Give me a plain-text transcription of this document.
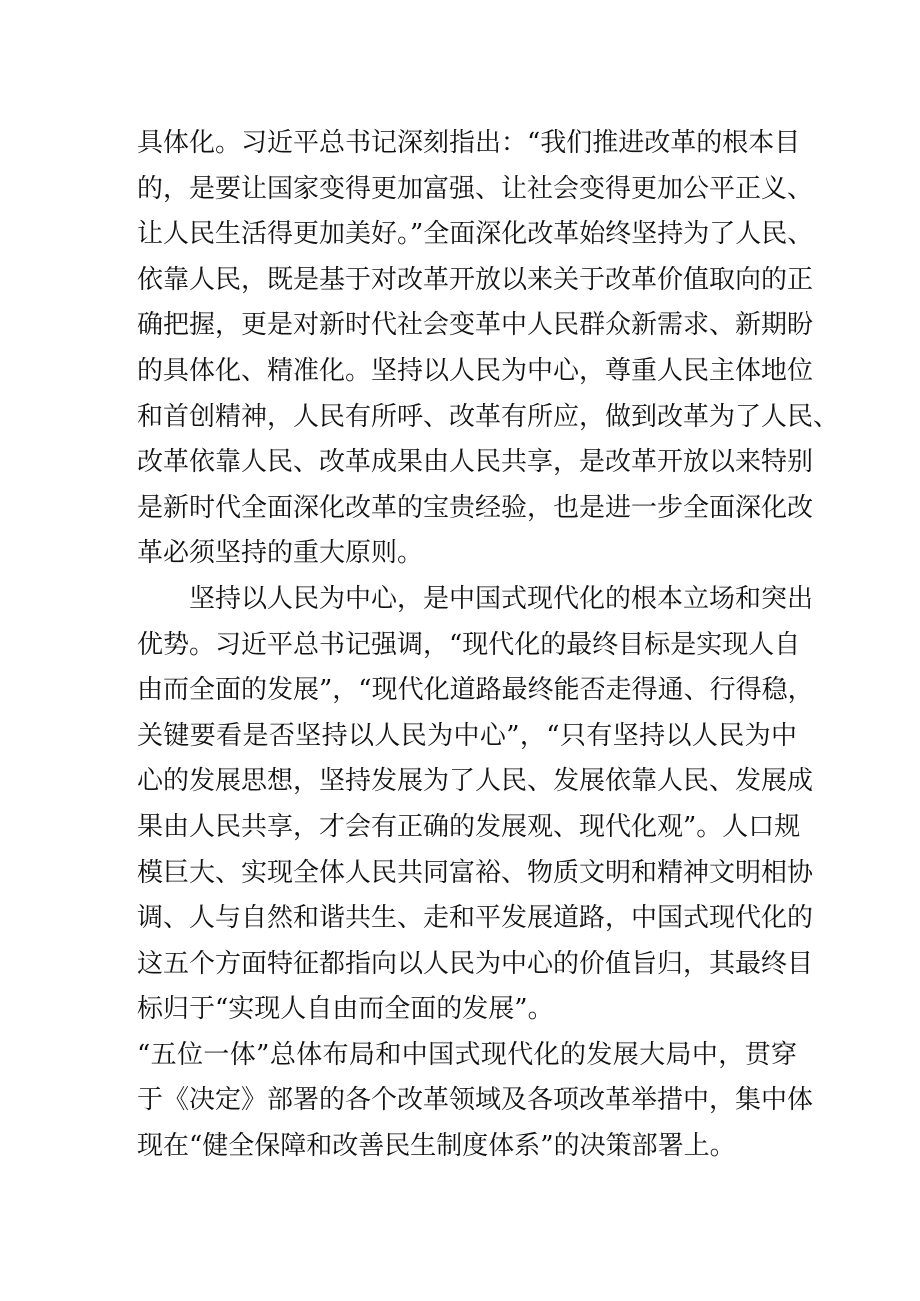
具体化。习近平总书记深刻指出：“我们推进改革的根本目
的，是要让国家变得更加富强、让社会变得更加公平正义、
让人民生活得更加美好。”全面深化改革始终坚持为了人民、
依靠人民，既是基于对改革开放以来关于改革价值取向的正
确把握，更是对新时代社会变革中人民群众新需求、新期盼
的具体化、精准化。坚持以人民为中心，尊重人民主体地位
和首创精神，人民有所呼、改革有所应，做到改革为了人民、
改革依靠人民、改革成果由人民共享，是改革开放以来特别
是新时代全面深化改革的宝贵经验，也是进一步全面深化改
革必须坚持的重大原则。
坚持以人民为中心，是中国式现代化的根本立场和突出
优势。习近平总书记强调，“现代化的最终目标是实现人自
由而全面的发展”，“现代化道路最终能否走得通、行得稳，
关键要看是否坚持以人民为中心”，“只有坚持以人民为中
心的发展思想，坚持发展为了人民、发展依靠人民、发展成
果由人民共享，才会有正确的发展观、现代化观”。人口规
模巨大、实现全体人民共同富裕、物质文明和精神文明相协
调、人与自然和谐共生、走和平发展道路，中国式现代化的
这五个方面特征都指向以人民为中心的价值旨归，其最终目
标归于“实现人自由而全面的发展”。
“五位一体”总体布局和中国式现代化的发展大局中，贯穿
于《决定》部署的各个改革领域及各项改革举措中，集中体
现在“健全保障和改善民生制度体系”的决策部署上。
